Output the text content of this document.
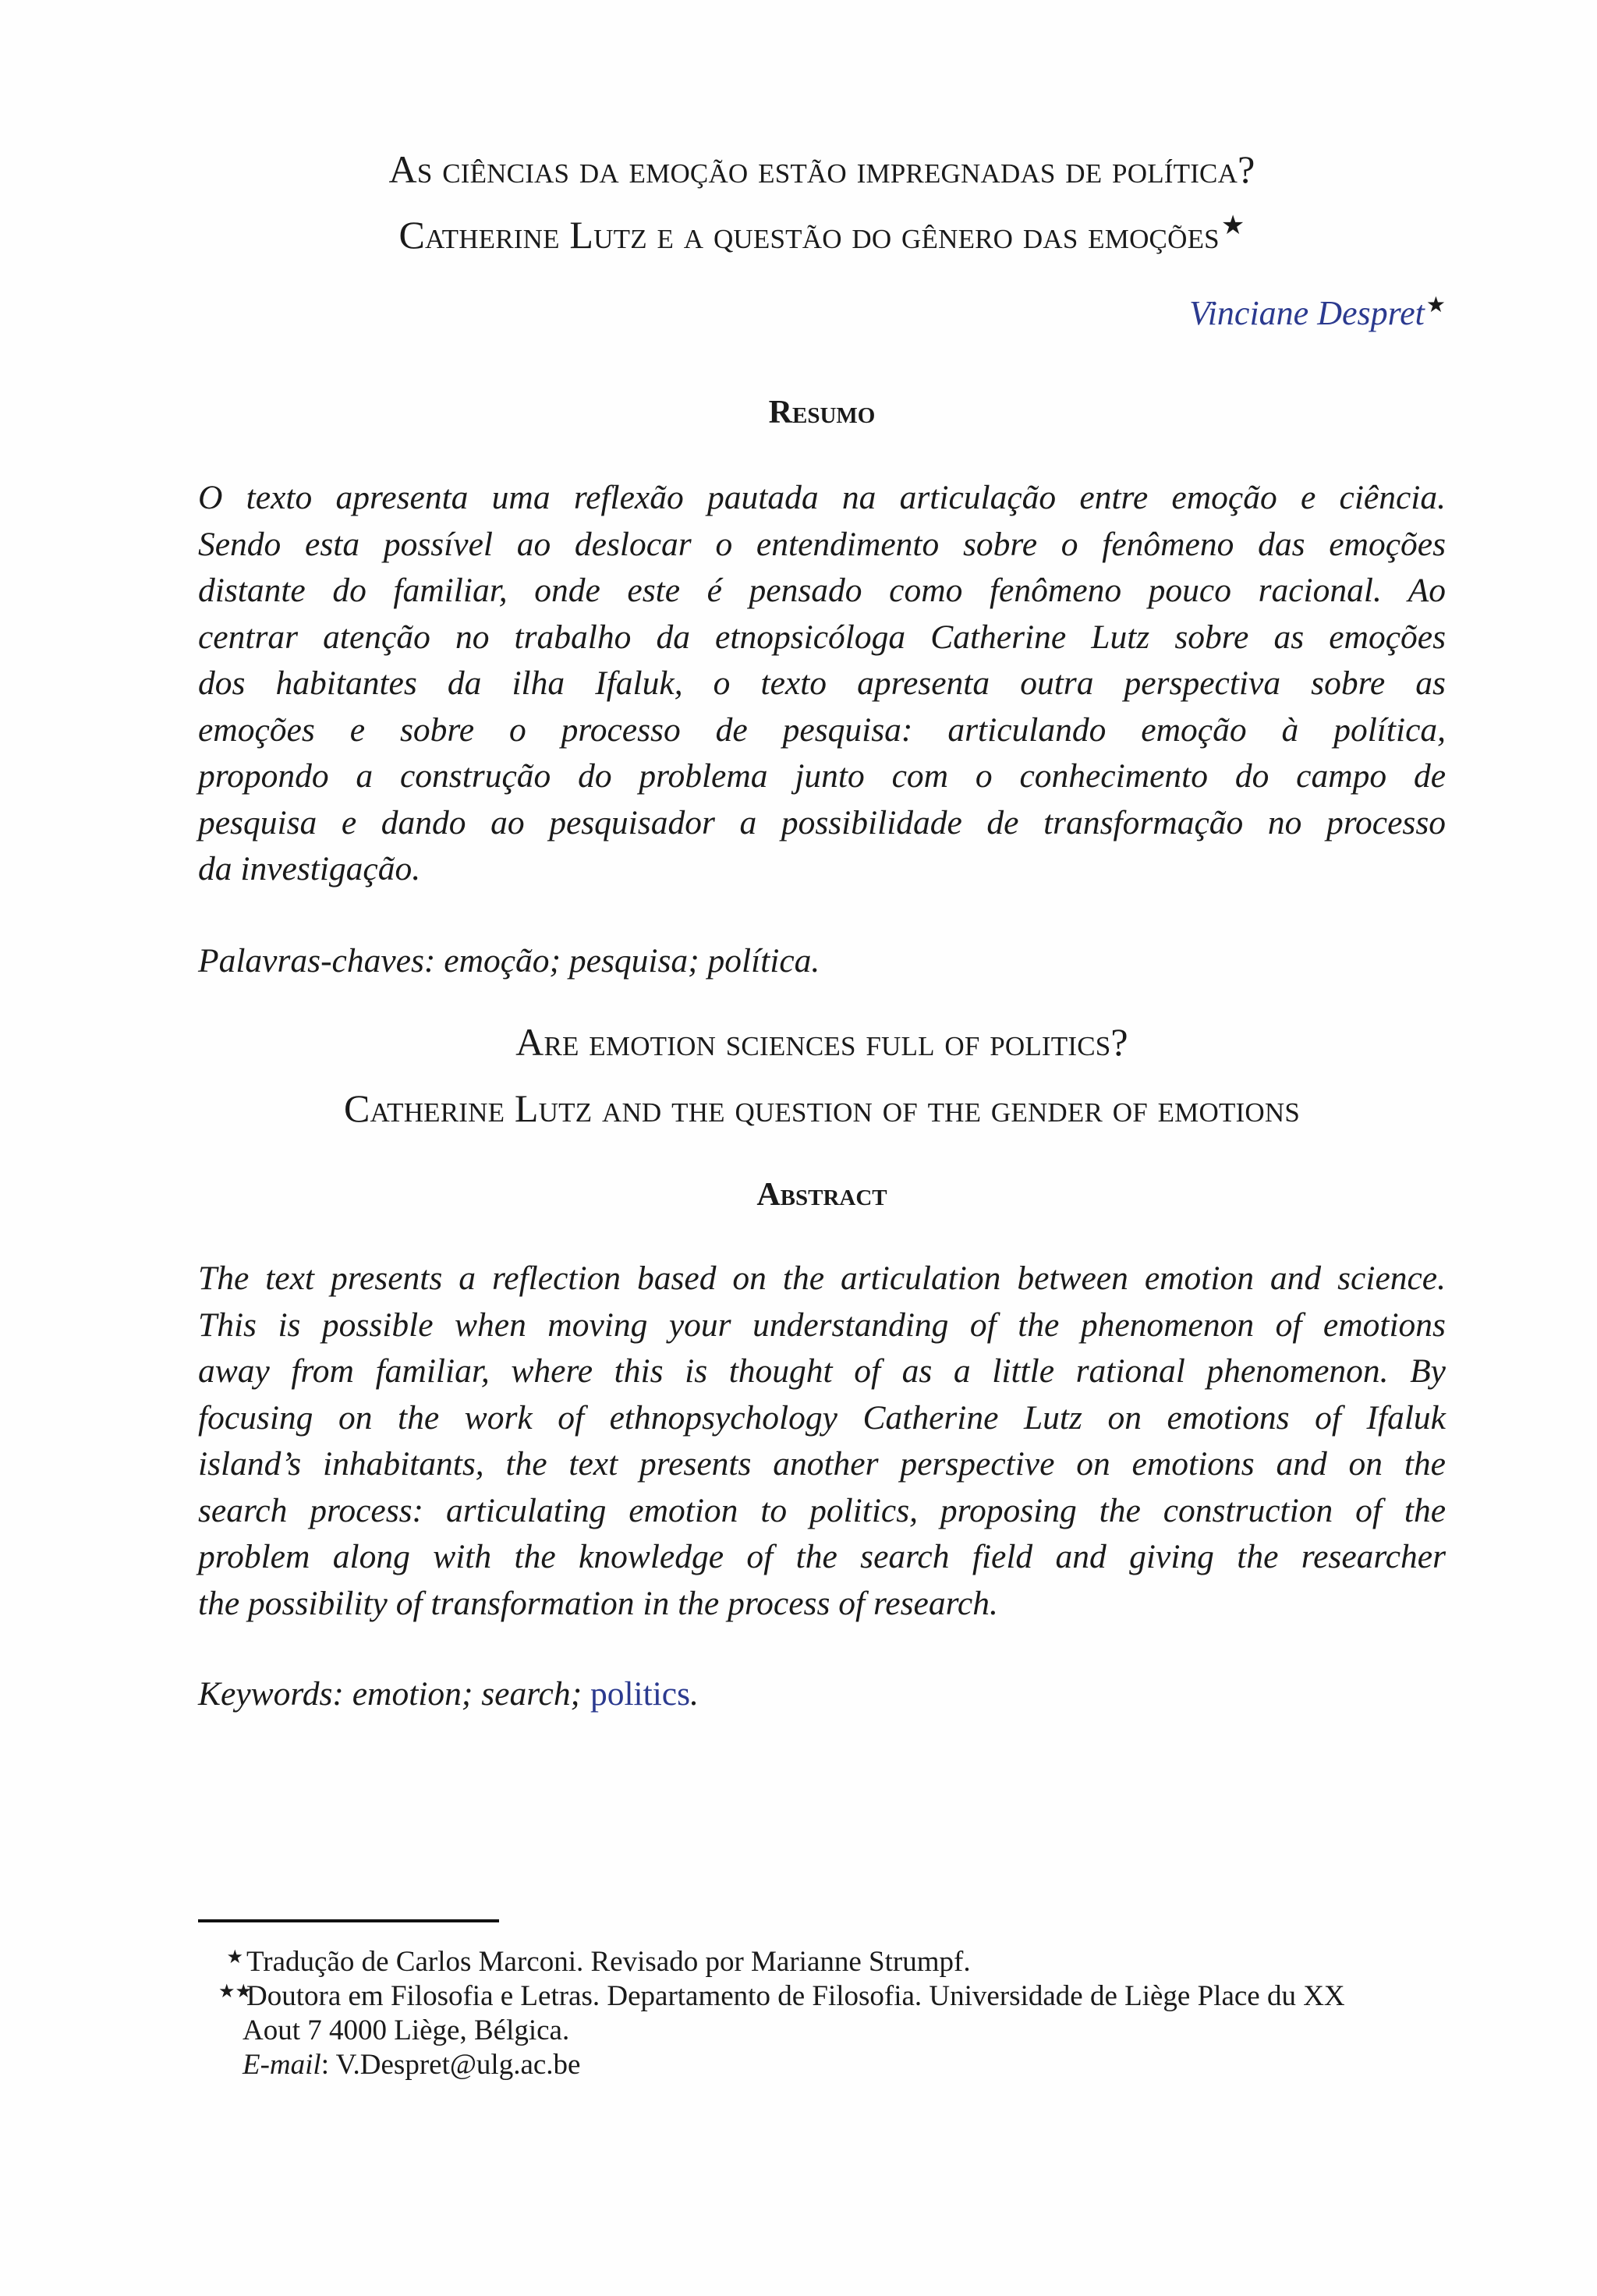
As ciências da emoção estão impregnadas de política?
Catherine Lutz e a questão do gênero das emoções★
Vinciane Despret★
Resumo
O texto apresenta uma reflexão pautada na articulação entre emoção e ciência.
Sendo esta possível ao deslocar o entendimento sobre o fenômeno das emoções
distante do familiar, onde este é pensado como fenômeno pouco racional. Ao
centrar atenção no trabalho da etnopsicóloga Catherine Lutz sobre as emoções
dos habitantes da ilha Ifaluk, o texto apresenta outra perspectiva sobre as
emoções e sobre o processo de pesquisa: articulando emoção à política,
propondo a construção do problema junto com o conhecimento do campo de
pesquisa e dando ao pesquisador a possibilidade de transformação no processo
da investigação.
Palavras-chaves: emoção; pesquisa; política.
Are emotion sciences full of politics?
Catherine Lutz and the question of the gender of emotions
Abstract
The text presents a reflection based on the articulation between emotion and science.
This is possible when moving your understanding of the phenomenon of emotions
away from familiar, where this is thought of as a little rational phenomenon. By
focusing on the work of ethnopsychology Catherine Lutz on emotions of Ifaluk
island’s inhabitants, the text presents another perspective on emotions and on the
search process: articulating emotion to politics, proposing the construction of the
problem along with the knowledge of the search field and giving the researcher
the possibility of transformation in the process of research.
Keywords: emotion; search; politics.
★ Tradução de Carlos Marconi. Revisado por Marianne Strumpf.
★★Doutora em Filosofia e Letras. Departamento de Filosofia. Universidade de Liège Place du XX
Aout 7 4000 Liège, Bélgica.
E-mail: V.Despret@ulg.ac.be
